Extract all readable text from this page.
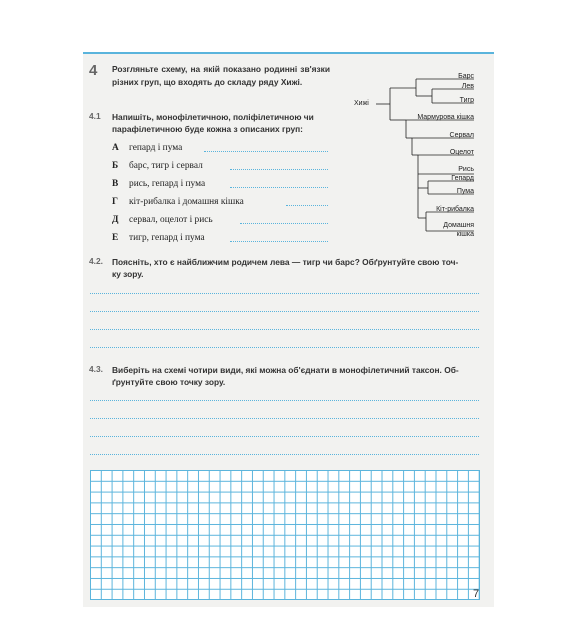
4 Розгляньте схему, на якій показано родинні зв'язки різних груп, що входять до складу ряду Хижі.
4.1 Напишіть, монофілетичною, поліфілетичною чи
парафілетичною буде кожна з описаних груп:
А гепард і пума
Б барс, тигр і сервал
В рись, гепард і пума
Г кіт-рибалка і домашня кішка
Д сервал, оцелот і рись
Е тигр, гепард і пума
Хижі
Барс
Лев
Тигр
Мармурова кішка
Сервал
Оцелот
Рись
Гепард
Пума
Кіт-рибалка
Домашня
кішка
4.2. Поясніть, хто є найближчим родичем лева — тигр чи барс? Обґрунтуйте свою точ-
ку зору.
4.3. Виберіть на схемі чотири види, які можна об'єднати в монофілетичний таксон. Об-
ґрунтуйте свою точку зору.
7
